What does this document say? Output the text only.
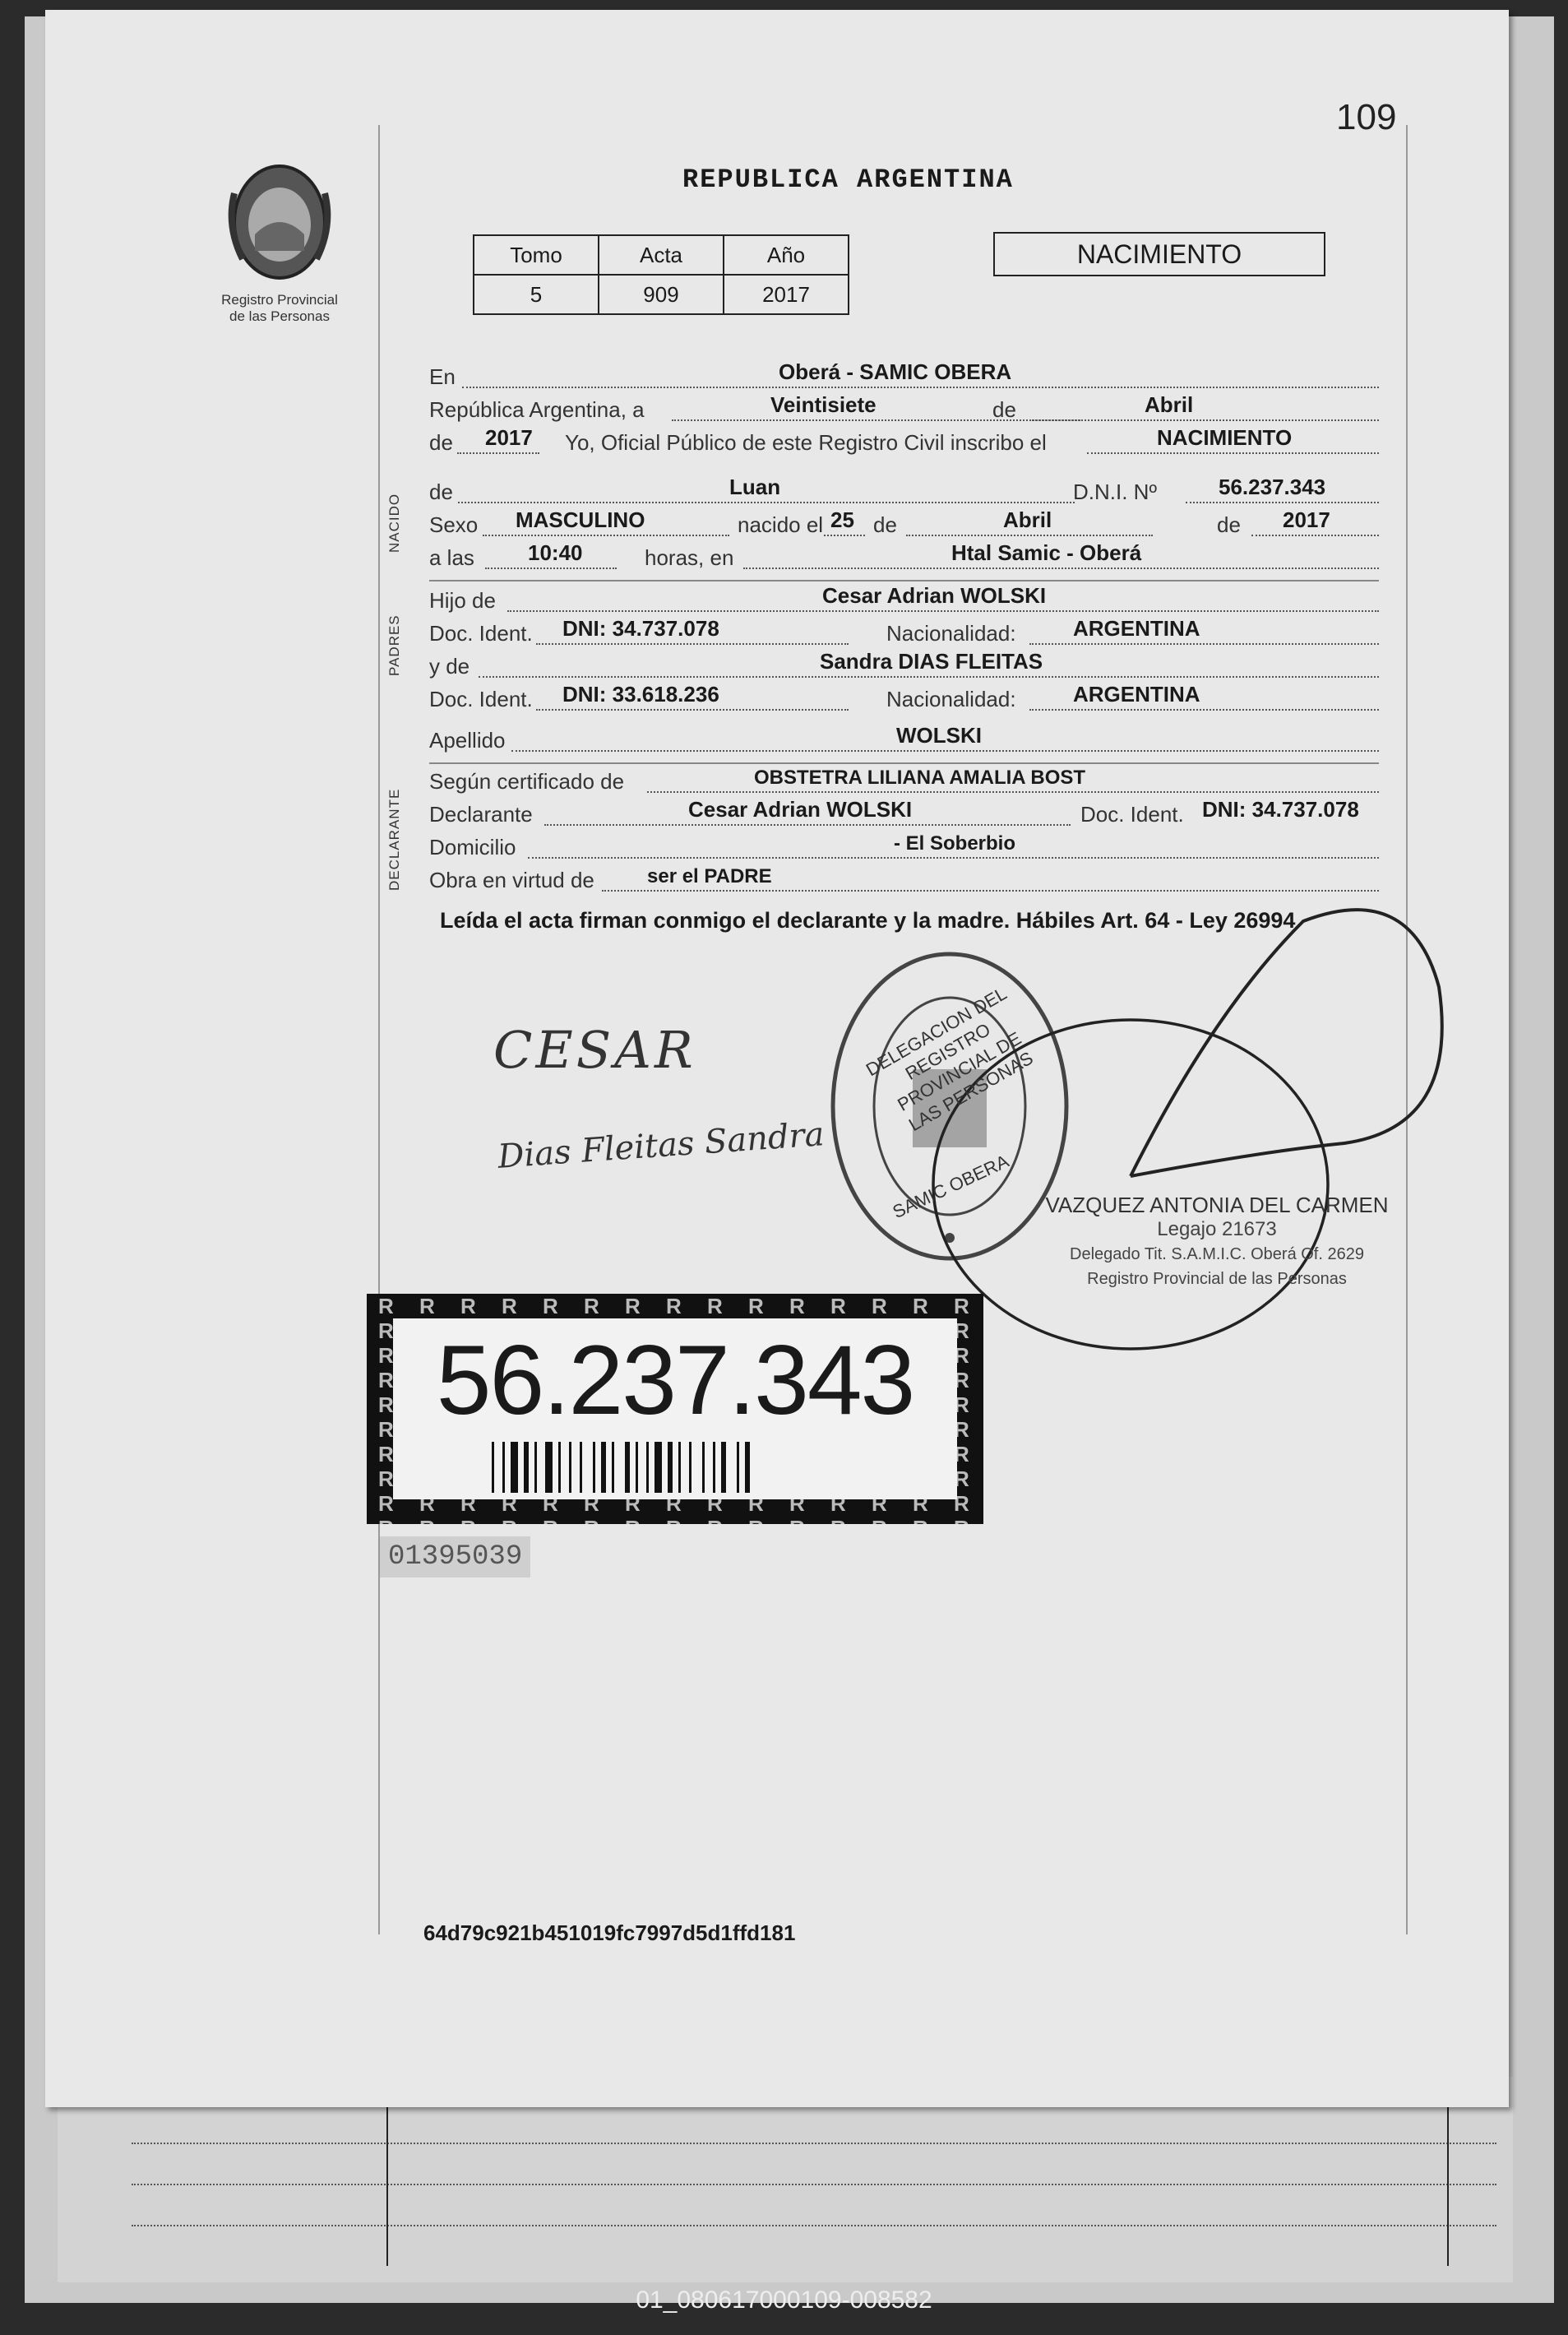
109
REPUBLICA ARGENTINA
Registro Provincial
de las Personas
Tomo	Acta	Año
5	909	2017
NACIMIENTO
En	Oberá - SAMIC OBERA
República Argentina, a	Veintisiete	de	Abril
de 2017 Yo, Oficial Público de este Registro Civil inscribo el	NACIMIENTO
NACIDO
de	Luan	D.N.I. Nº	56.237.343
Sexo MASCULINO	nacido el 25 de	Abril	de 2017
a las	10:40	horas, en	Htal Samic - Oberá
PADRES
Hijo de	Cesar Adrian WOLSKI
Doc. Ident. DNI: 34.737.078	Nacionalidad:	ARGENTINA
y de	Sandra DIAS FLEITAS
Doc. Ident. DNI: 33.618.236	Nacionalidad:	ARGENTINA
Apellido	WOLSKI
DECLARANTE
Según certificado de	OBSTETRA LILIANA AMALIA BOST
Declarante	Cesar Adrian WOLSKI	Doc. Ident. DNI: 34.737.078
Domicilio	- El Soberbio
Obra en virtud de	ser el PADRE
Leída el acta firman conmigo el declarante y la madre. Hábiles Art. 64 - Ley 26994
CESAR
Dias Fleitas Sandra
VAZQUEZ ANTONIA DEL CARMEN
Legajo 21673
Delegado Tit. S.A.M.I.C. Oberá Of. 2629
Registro Provincial de las Personas
DELEGACION DEL REGISTRO PROVINCIAL DE LAS PERSONAS
SAMIC OBERA
56.237.343
01395039
64d79c921b451019fc7997d5d1ffd181
01_080617000109-008582
